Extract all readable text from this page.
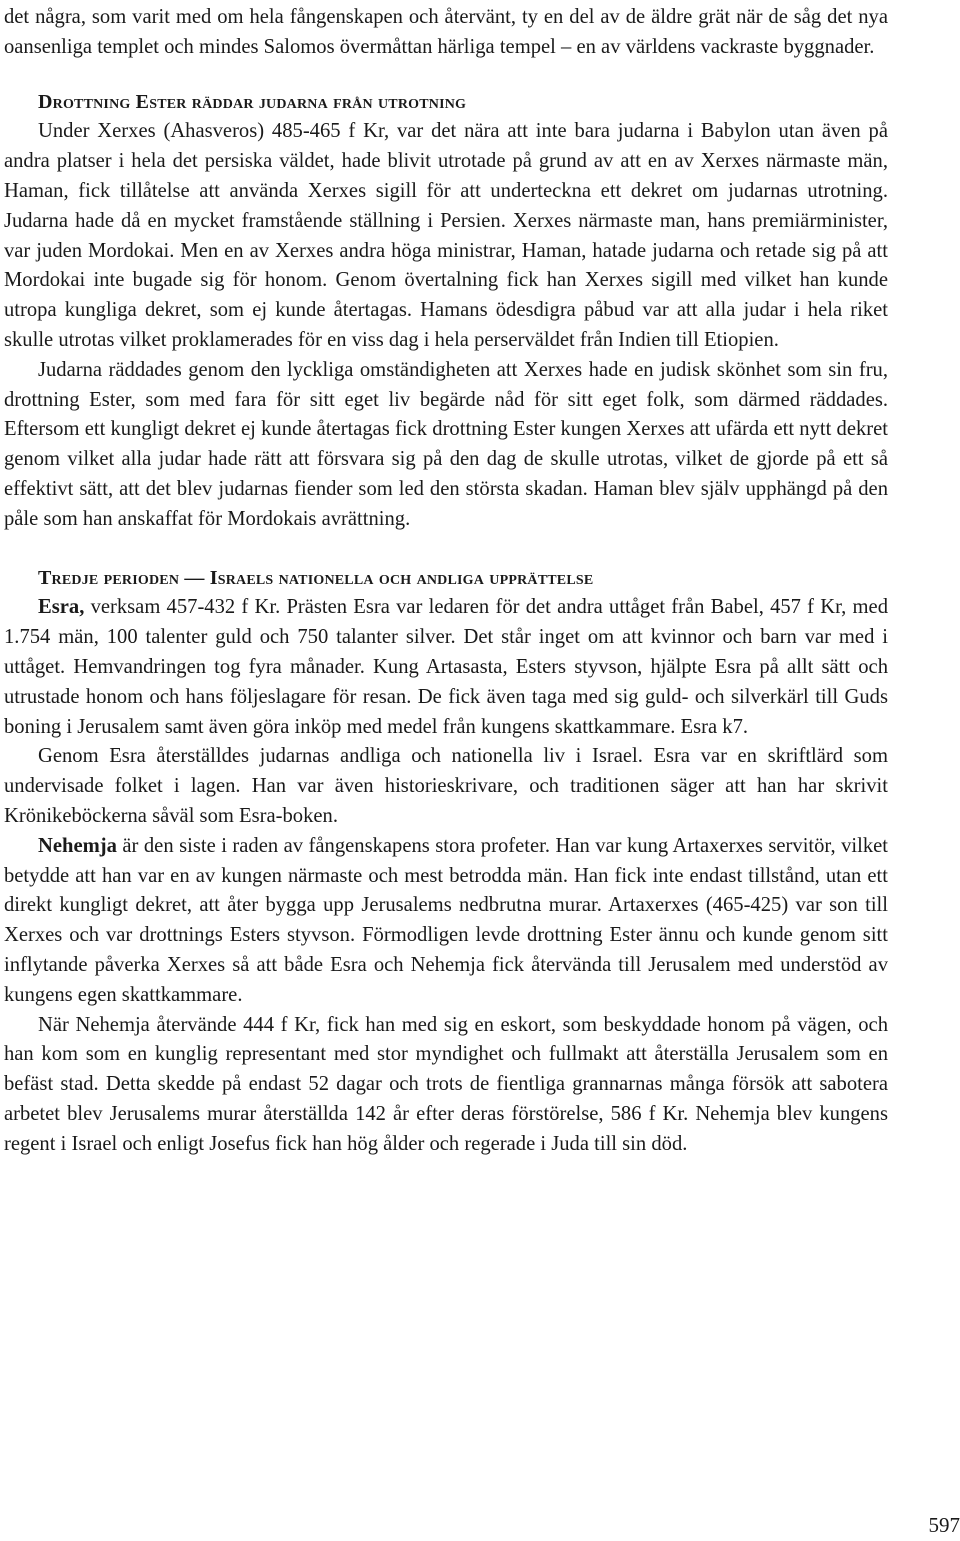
det några, som varit med om hela fångenskapen och återvänt, ty en del av de äldre grät när de såg det nya oansenliga templet och mindes Salomos övermåttan härliga tempel – en av världens vackraste byggnader.

Drottning Ester räddar judarna från utrotning

Under Xerxes (Ahasveros) 485-465 f Kr, var det nära att inte bara judarna i Babylon utan även på andra platser i hela det persiska väldet, hade blivit utrotade på grund av att en av Xerxes närmaste män, Haman, fick tillåtelse att använda Xerxes sigill för att underteckna ett dekret om judarnas utrotning. Judarna hade då en mycket framstående ställning i Persien. Xerxes närmaste man, hans premiärminister, var juden Mordokai. Men en av Xerxes andra höga ministrar, Haman, hatade judarna och retade sig på att Mordokai inte bugade sig för honom. Genom övertalning fick han Xerxes sigill med vilket han kunde utropa kungliga dekret, som ej kunde återtagas. Hamans ödesdigra påbud var att alla judar i hela riket skulle utrotas vilket proklamerades för en viss dag i hela perserväldet från Indien till Etiopien.

Judarna räddades genom den lyckliga omständigheten att Xerxes hade en judisk skönhet som sin fru, drottning Ester, som med fara för sitt eget liv begärde nåd för sitt eget folk, som därmed räddades. Eftersom ett kungligt dekret ej kunde återtagas fick drottning Ester kungen Xerxes att ufärda ett nytt dekret genom vilket alla judar hade rätt att försvara sig på den dag de skulle utrotas, vilket de gjorde på ett så effektivt sätt, att det blev judarnas fiender som led den största skadan. Haman blev själv upphängd på den påle som han anskaffat för Mordokais avrättning.

Tredje perioden — Israels nationella och andliga upprättelse

Esra, verksam 457-432 f Kr. Prästen Esra var ledaren för det andra uttåget från Babel, 457 f Kr, med 1.754 män, 100 talenter guld och 750 talanter silver. Det står inget om att kvinnor och barn var med i uttåget. Hemvandringen tog fyra månader. Kung Artasasta, Esters styvson, hjälpte Esra på allt sätt och utrustade honom och hans följeslagare för resan. De fick även taga med sig guld- och silverkärl till Guds boning i Jerusalem samt även göra inköp med medel från kungens skattkammare. Esra k7.

Genom Esra återställdes judarnas andliga och nationella liv i Israel. Esra var en skriftlärd som undervisade folket i lagen. Han var även historieskrivare, och traditionen säger att han har skrivit Krönikeböckerna såväl som Esra-boken.

Nehemja är den siste i raden av fångenskapens stora profeter. Han var kung Artaxerxes servitör, vilket betydde att han var en av kungen närmaste och mest betrodda män. Han fick inte endast tillstånd, utan ett direkt kungligt dekret, att åter bygga upp Jerusalems nedbrutna murar. Artaxerxes (465-425) var son till Xerxes och var drottnings Esters styvson. Förmodligen levde drottning Ester ännu och kunde genom sitt inflytande påverka Xerxes så att både Esra och Nehemja fick återvända till Jerusalem med understöd av kungens egen skattkammare.

När Nehemja återvände 444 f Kr, fick han med sig en eskort, som beskyddade honom på vägen, och han kom som en kunglig representant med stor myndighet och fullmakt att återställa Jerusalem som en befäst stad. Detta skedde på endast 52 dagar och trots de fientliga grannarnas många försök att sabotera arbetet blev Jerusalems murar återställda 142 år efter deras förstörelse, 586 f Kr. Nehemja blev kungens regent i Israel och enligt Josefus fick han hög ålder och regerade i Juda till sin död.

597
